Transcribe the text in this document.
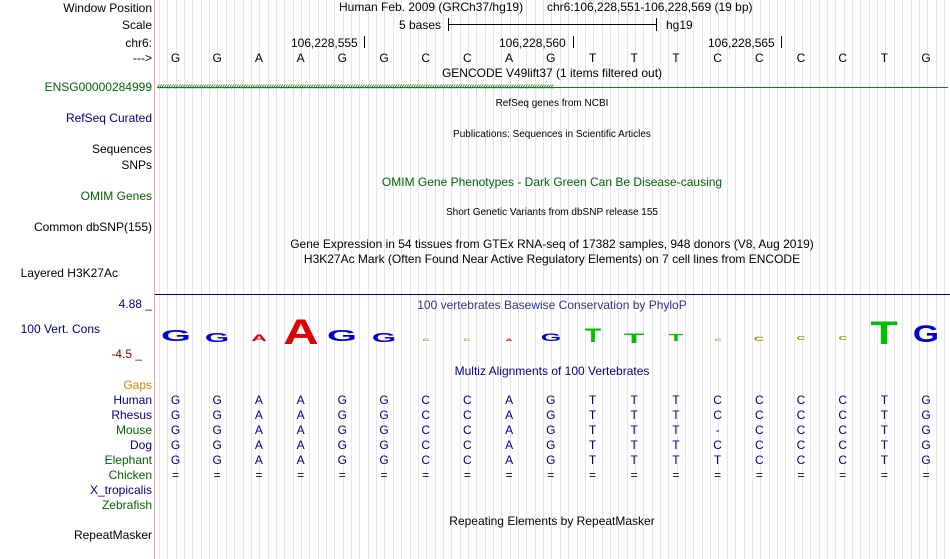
Window Position
Scale
chr6:
--->
ENSG00000284999
RefSeq Curated
Sequences
SNPs
OMIM Genes
Common dbSNP(155)
Layered H3K27Ac
4.88 _
100 Vert. Cons
-4.5 _
Gaps
Human
Rhesus
Mouse
Dog
Elephant
Chicken
X_tropicalis
Zebrafish
RepeatMasker
Human Feb. 2009 (GRCh37/hg19) chr6:106,228,551-106,228,569 (19 bp)
5 bases	hg19
106,228,555	106,228,560	106,228,565
G	G	A	A	G	G	C	C	A	G	T	T	T	C	C	C	C	T	G
GENCODE V49lift37 (1 items filtered out)
RefSeq genes from NCBI
Publications: Sequences in Scientific Articles
OMIM Gene Phenotypes - Dark Green Can Be Disease-causing
Short Genetic Variants from dbSNP release 155
Gene Expression in 54 tissues from GTEx RNA-seq of 17382 samples, 948 donors (V8, Aug 2019)
H3K27Ac Mark (Often Found Near Active Regulatory Elements) on 7 cell lines from ENCODE
100 vertebrates Basewise Conservation by PhyloP
G G A A G G	C	C	A	G T T T	C	C	C	C T G
Multiz Alignments of 100 Vertebrates
G	G	A	A	G	G	C	C	A	G	T	T	T	C	C	C	C	T	G
G	G	A	A	G	G	C	C	A	G	T	T	T	C	C	C	C	T	G
G	G	A	A	G	G	C	C	A	G	T	T	T	-	C	C	C	T	G
G	G	A	A	G	G	C	C	A	G	T	T	T	C	C	C	C	T	G
G	G	A	A	G	G	C	C	A	G	T	T	T	T	C	C	C	T	G
=	=	=	=	=	=	=	=	=	=	=	=	=	=	=	=	=	=	=
Repeating Elements by RepeatMasker
